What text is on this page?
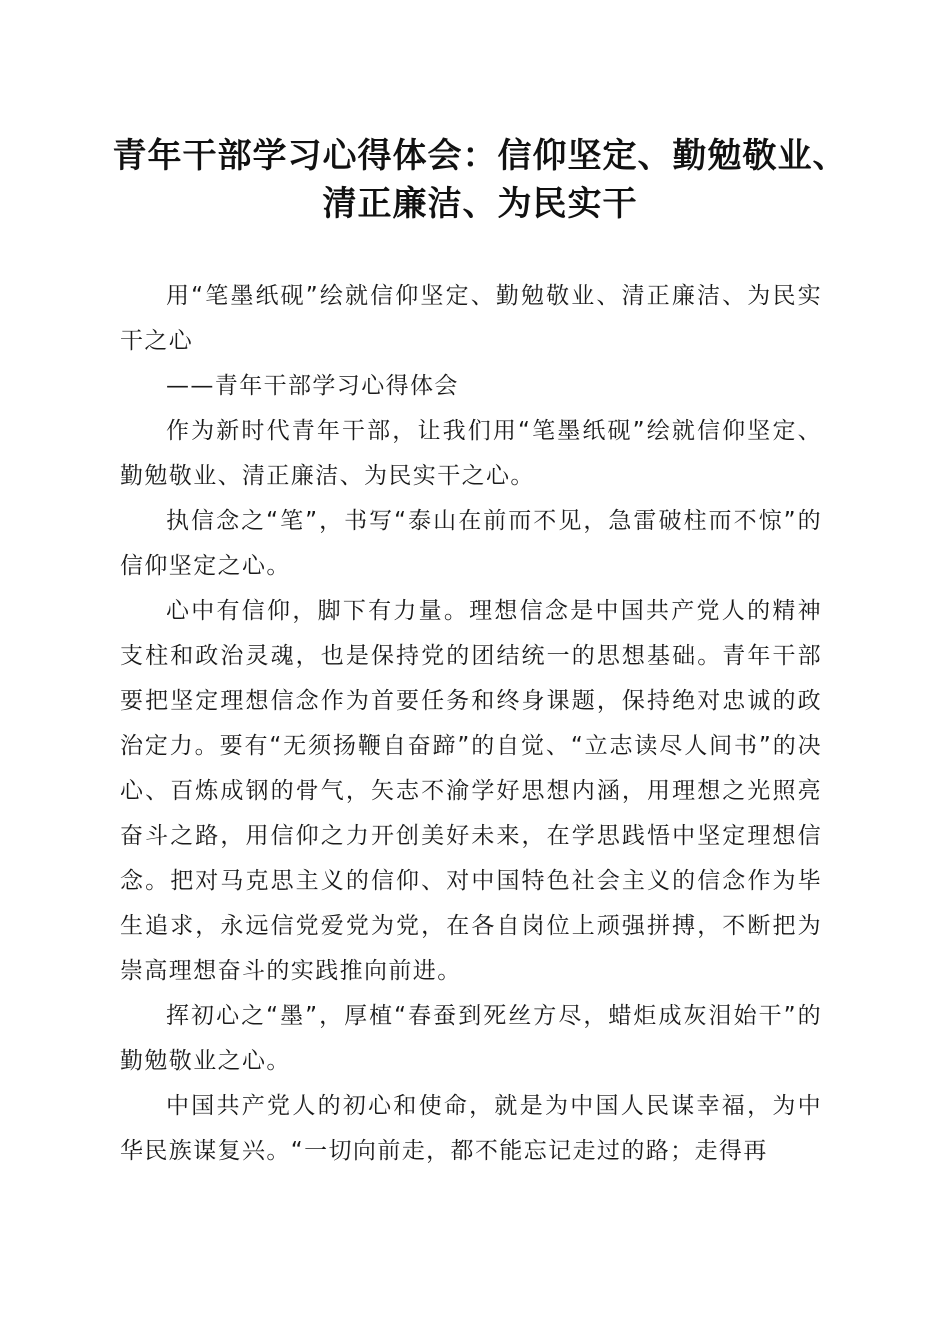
青年干部学习心得体会：信仰坚定、勤勉敬业、
清正廉洁、为民实干

用“笔墨纸砚”绘就信仰坚定、勤勉敬业、清正廉洁、为民实干之心

——青年干部学习心得体会

作为新时代青年干部，让我们用“笔墨纸砚”绘就信仰坚定、勤勉敬业、清正廉洁、为民实干之心。

执信念之“笔”，书写“泰山在前而不见，急雷破柱而不惊”的信仰坚定之心。

心中有信仰，脚下有力量。理想信念是中国共产党人的精神支柱和政治灵魂，也是保持党的团结统一的思想基础。青年干部要把坚定理想信念作为首要任务和终身课题，保持绝对忠诚的政治定力。要有“无须扬鞭自奋蹄”的自觉、“立志读尽人间书”的决心、百炼成钢的骨气，矢志不渝学好思想内涵，用理想之光照亮奋斗之路，用信仰之力开创美好未来，在学思践悟中坚定理想信念。把对马克思主义的信仰、对中国特色社会主义的信念作为毕生追求，永远信党爱党为党，在各自岗位上顽强拼搏，不断把为崇高理想奋斗的实践推向前进。

挥初心之“墨”，厚植“春蚕到死丝方尽，蜡炬成灰泪始干”的勤勉敬业之心。

中国共产党人的初心和使命，就是为中国人民谋幸福，为中华民族谋复兴。“一切向前走，都不能忘记走过的路；走得再
